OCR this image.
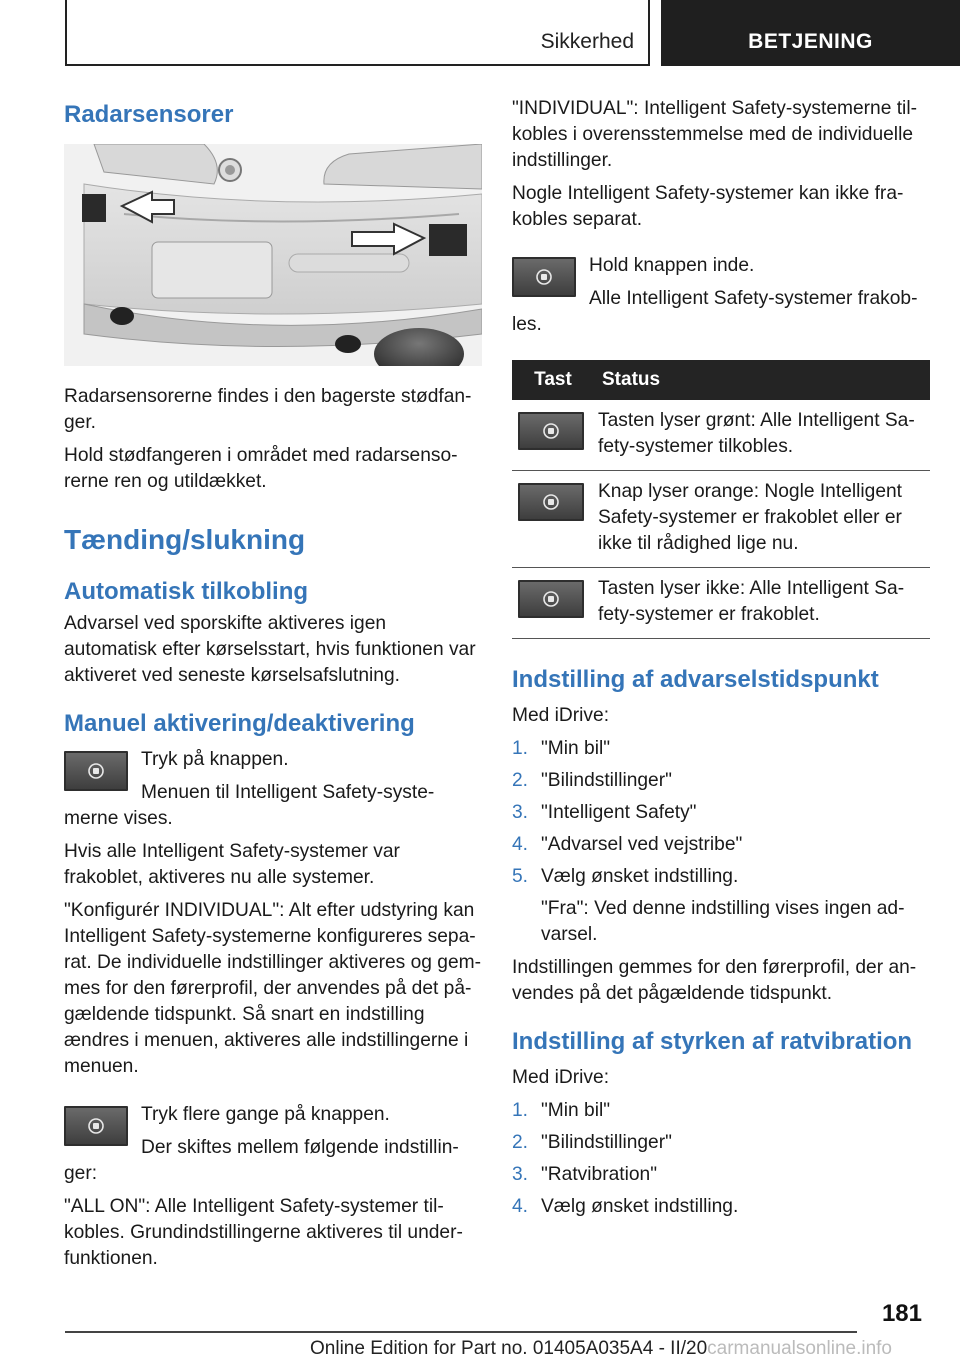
Sikkerhed	BETJENING
Radarsensorer

Radarsensorerne findes i den bagerste stødfan-ger.

Hold stødfangeren i området med radarsenso-rerne ren og utildækket.

Tænding/slukning
Automatisk tilkobling

Advarsel ved sporskifte aktiveres igen automatisk efter kørselsstart, hvis funktionen var aktiveret ved seneste kørselsafslutning.

Manuel aktivering/deaktivering

Tryk på knappen.

Menuen til Intelligent Safety-syste-merne vises.

Hvis alle Intelligent Safety-systemer var frakoblet, aktiveres nu alle systemer.

"Konfigurér INDIVIDUAL": Alt efter udstyring kan Intelligent Safety-systemerne konfigureres sepa-rat. De individuelle indstillinger aktiveres og gem-mes for den førerprofil, der anvendes på det på-gældende tidspunkt. Så snart en indstilling ændres i menuen, aktiveres alle indstillingerne i menuen.

Tryk flere gange på knappen.

Der skiftes mellem følgende indstillin-ger:

"ALL ON": Alle Intelligent Safety-systemer til-kobles. Grundindstillingerne aktiveres til under-funktionen.

"INDIVIDUAL": Intelligent Safety-systemerne til-kobles i overensstemmelse med de individuelle indstillinger.

Nogle Intelligent Safety-systemer kan ikke fra-kobles separat.

Hold knappen inde.

Alle Intelligent Safety-systemer frakob-les.

Tast	Status

	Tasten lyser grønt: Alle Intelligent Sa-fety-systemer tilkobles.

	Knap lyser orange: Nogle Intelligent Safety-systemer er frakoblet eller er ikke til rådighed lige nu.

	Tasten lyser ikke: Alle Intelligent Sa-fety-systemer er frakoblet.
Indstilling af advarselstidspunkt

Med iDrive:

1. "Min bil"
2. "Bilindstillinger"
3. "Intelligent Safety"
4. "Advarsel ved vejstribe"
5. Vælg ønsket indstilling.

"Fra": Ved denne indstilling vises ingen ad-varsel.

Indstillingen gemmes for den førerprofil, der an-vendes på det pågældende tidspunkt.

Indstilling af styrken af ratvibration

Med iDrive:

1. "Min bil"
2. "Bilindstillinger"
3. "Ratvibration"
4. Vælg ønsket indstilling.
181
Online Edition for Part no. 01405A035A4 - II/20carmanualsonline.info
